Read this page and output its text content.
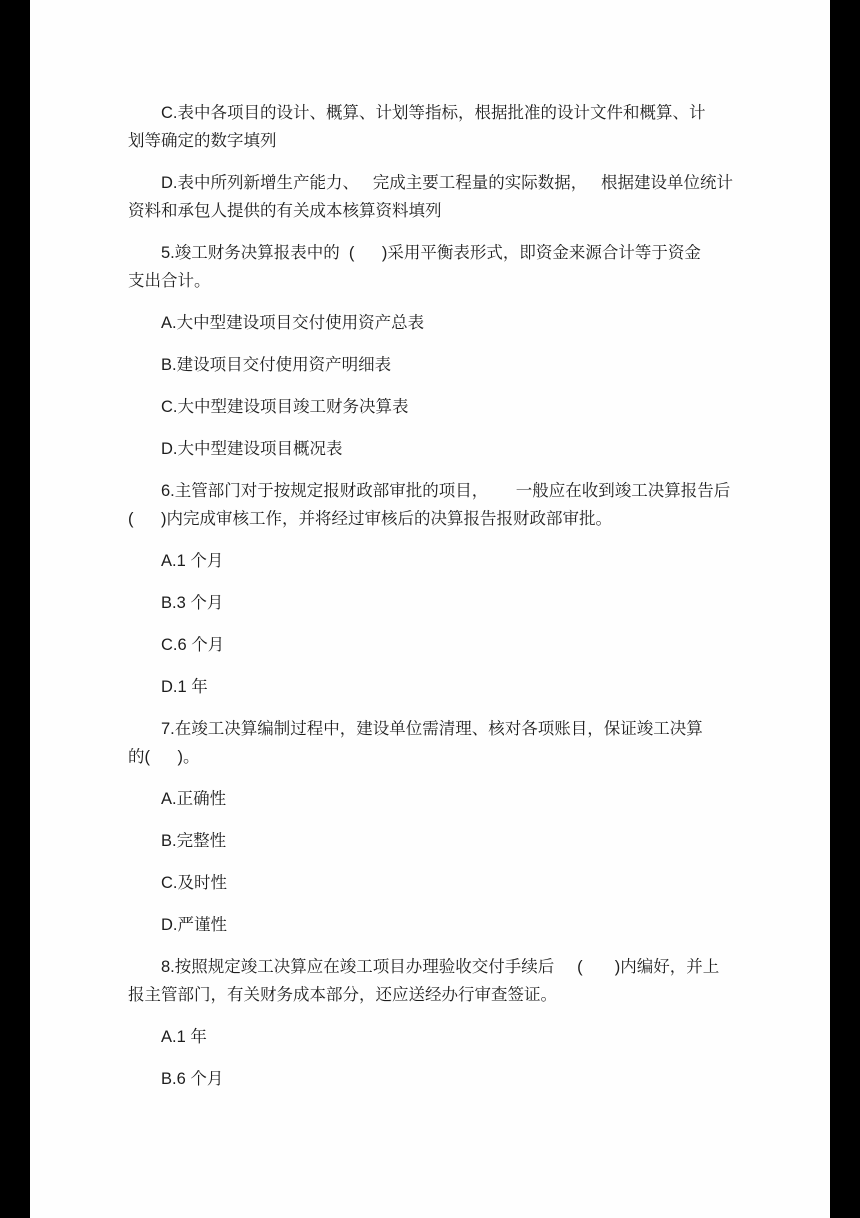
C.表中各项目的设计、概算、计划等指标，根据批准的设计文件和概算、计
划等确定的数字填列
D.表中所列新增生产能力、   完成主要工程量的实际数据，   根据建设单位统计
资料和承包人提供的有关成本核算资料填列
5.竣工财务决算报表中的  (      )采用平衡表形式，即资金来源合计等于资金
支出合计。
A.大中型建设项目交付使用资产总表
B.建设项目交付使用资产明细表
C.大中型建设项目竣工财务决算表
D.大中型建设项目概况表
6.主管部门对于按规定报财政部审批的项目，      一般应在收到竣工决算报告后
(      )内完成审核工作，并将经过审核后的决算报告报财政部审批。
A.1 个月
B.3 个月
C.6 个月
D.1 年
7.在竣工决算编制过程中，建设单位需清理、核对各项账目，保证竣工决算
的(      )。
A.正确性
B.完整性
C.及时性
D.严谨性
8.按照规定竣工决算应在竣工项目办理验收交付手续后     (       )内编好，并上
报主管部门，有关财务成本部分，还应送经办行审查签证。
A.1 年
B.6 个月
